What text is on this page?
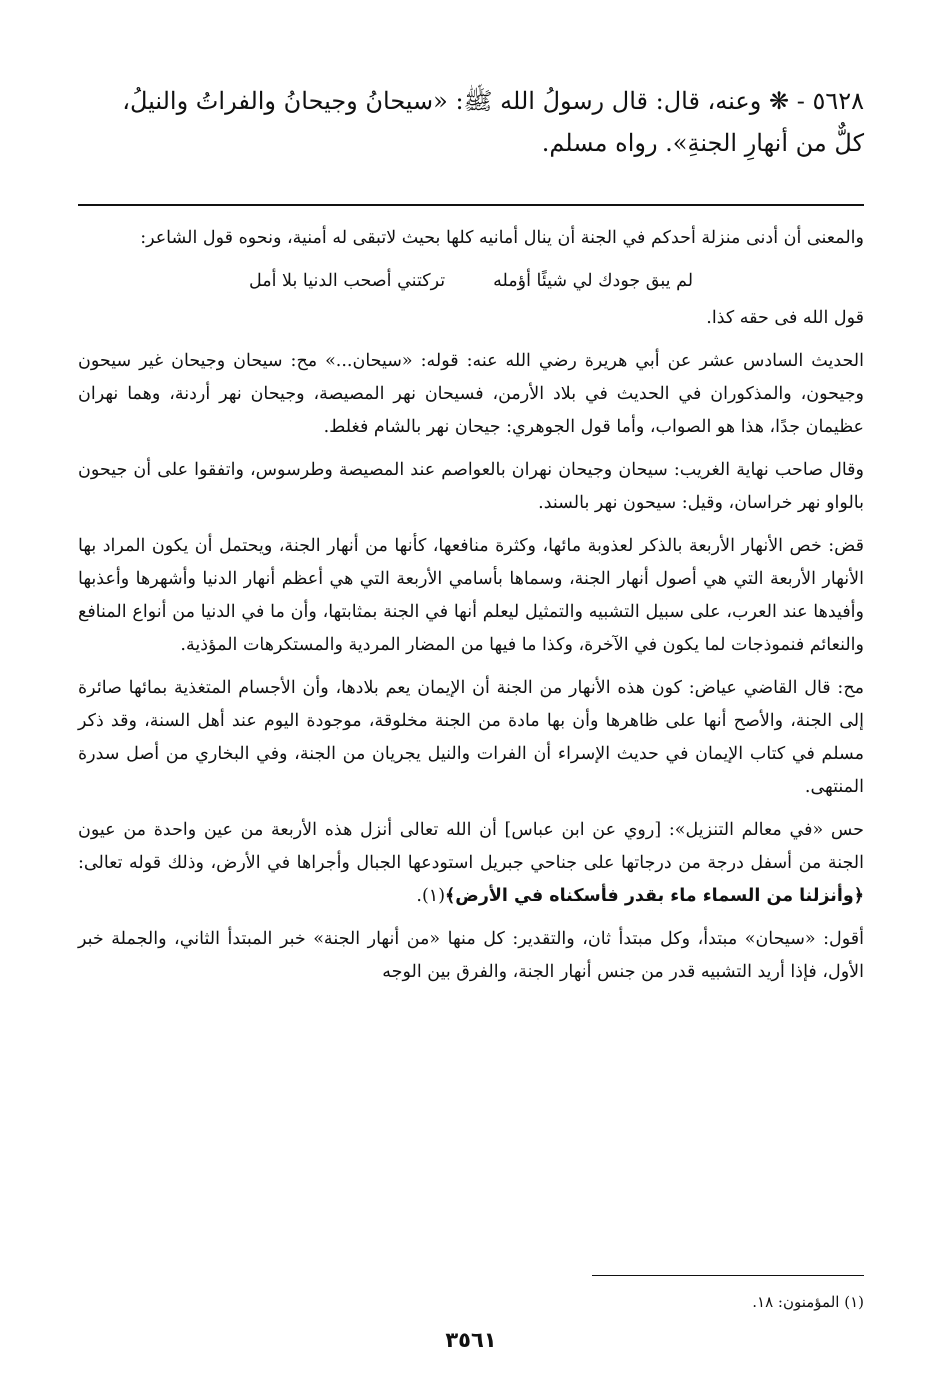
٥٦٢٨ - ❋ وعنه، قال: قال رسولُ الله ﷺ: «سيحانُ وجيحانُ والفراتُ والنيلُ،

كلٌّ من أنهارِ الجنةِ». رواه مسلم.

والمعنى أن أدنى منزلة أحدكم في الجنة أن ينال أمانيه كلها بحيث لاتبقى له أمنية، ونحوه قول الشاعر:

لم يبق جودك لي شيئًا أؤمله
تركتني أصحب الدنيا بلا أمل

قول الله فى حقه كذا.

الحديث السادس عشر عن أبي هريرة رضي الله عنه: قوله: «سيحان...» مح: سيحان وجيحان غير سيحون وجيحون، والمذكوران في الحديث في بلاد الأرمن، فسيحان نهر المصيصة، وجيحان نهر أردنة، وهما نهران عظيمان جدًا، هذا هو الصواب، وأما قول الجوهري: جيحان نهر بالشام فغلط.

وقال صاحب نهاية الغريب: سيحان وجيحان نهران بالعواصم عند المصيصة وطرسوس، واتفقوا على أن جيحون بالواو نهر خراسان، وقيل: سيحون نهر بالسند.

قض: خص الأنهار الأربعة بالذكر لعذوبة مائها، وكثرة منافعها، كأنها من أنهار الجنة، ويحتمل أن يكون المراد بها الأنهار الأربعة التي هي أصول أنهار الجنة، وسماها بأسامي الأربعة التي هي أعظم أنهار الدنيا وأشهرها وأعذبها وأفيدها عند العرب، على سبيل التشبيه والتمثيل ليعلم أنها في الجنة بمثابتها، وأن ما في الدنيا من أنواع المنافع والنعائم فنموذجات لما يكون في الآخرة، وكذا ما فيها من المضار المردية والمستكرهات المؤذية.

مح: قال القاضي عياض: كون هذه الأنهار من الجنة أن الإيمان يعم بلادها، وأن الأجسام المتغذية بمائها صائرة إلى الجنة، والأصح أنها على ظاهرها وأن بها مادة من الجنة مخلوقة، موجودة اليوم عند أهل السنة، وقد ذكر مسلم في كتاب الإيمان في حديث الإسراء أن الفرات والنيل يجريان من الجنة، وفي البخاري من أصل سدرة المنتهى.

حس «في معالم التنزيل»: [روي عن ابن عباس] أن الله تعالى أنزل هذه الأربعة من عين واحدة من عيون الجنة من أسفل درجة من درجاتها على جناحي جبريل استودعها الجبال وأجراها في الأرض، وذلك قوله تعالى: ﴿وأنزلنا من السماء ماء بقدر فأسكناه في الأرض﴾(١).

أقول: «سيحان» مبتدأ، وكل مبتدأ ثان، والتقدير: كل منها «من أنهار الجنة» خبر المبتدأ الثاني، والجملة خبر الأول، فإذا أريد التشبيه قدر من جنس أنهار الجنة، والفرق بين الوجه

(١) المؤمنون: ١٨.
٣٥٦١
